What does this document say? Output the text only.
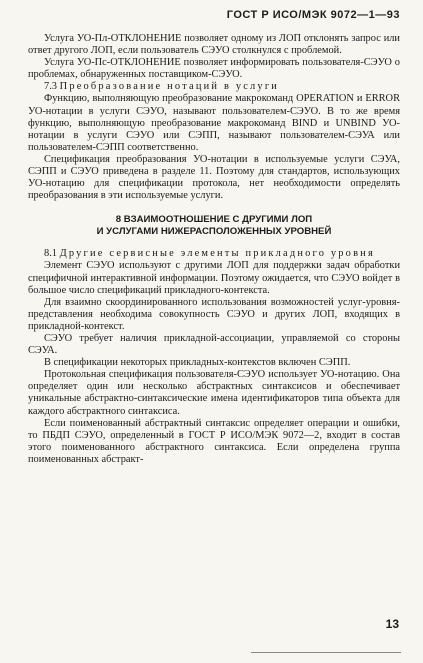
ГОСТ Р ИСО/МЭК 9072—1—93

Услуга УО-Пл-ОТКЛОНЕНИЕ позволяет одному из ЛОП отклонять запрос или ответ другого ЛОП, если пользователь СЭУО столкнулся с проблемой.

Услуга УО-Пс-ОТКЛОНЕНИЕ позволяет информировать пользователя-СЭУО о проблемах, обнаруженных поставщиком-СЭУО.

7.3 Преобразование нотаций в услуги

Функцию, выполняющую преобразование макрокоманд OPERATION и ERROR УО-нотации в услуги СЭУО, называют пользователем-СЭУО. В то же время функцию, выполняющую преобразование макрокоманд BIND и UNBIND УО-нотации в услуги СЭУО или СЭПП, называют пользователем-СЭУА или пользователем-СЭПП соответственно.

Спецификация преобразования УО-нотации в используемые услуги СЭУА, СЭПП и СЭУО приведена в разделе 11. Поэтому для стандартов, использующих УО-нотацию для спецификации протокола, нет необходимости определять преобразования в эти используемые услуги.

8 ВЗАИМООТНОШЕНИЕ С ДРУГИМИ ЛОП
И УСЛУГАМИ НИЖЕРАСПОЛОЖЕННЫХ УРОВНЕЙ

8.1 Другие сервисные элементы прикладного уровня

Элемент СЭУО используют с другими ЛОП для поддержки задач обработки специфичной интерактивной информации. Поэтому ожидается, что СЭУО войдет в большое число спецификаций прикладного-контекста.

Для взаимно скоординированного использования возможностей услуг-уровня-представления необходима совокупность СЭУО и других ЛОП, входящих в прикладной-контекст.

СЭУО требует наличия прикладной-ассоциации, управляемой со стороны СЭУА.

В спецификации некоторых прикладных-контекстов включен СЭПП.

Протокольная спецификация пользователя-СЭУО использует УО-нотацию. Она определяет один или несколько абстрактных синтаксисов и обеспечивает уникальные абстрактно-синтаксические имена идентификаторов типа объекта для каждого абстрактного синтаксиса.

Если поименованный абстрактный синтаксис определяет операции и ошибки, то ПБДП СЭУО, определенный в ГОСТ Р ИСО/МЭК 9072—2, входит в состав этого поименованного абстрактного синтаксиса. Если определена группа поименованных абстракт-

13
